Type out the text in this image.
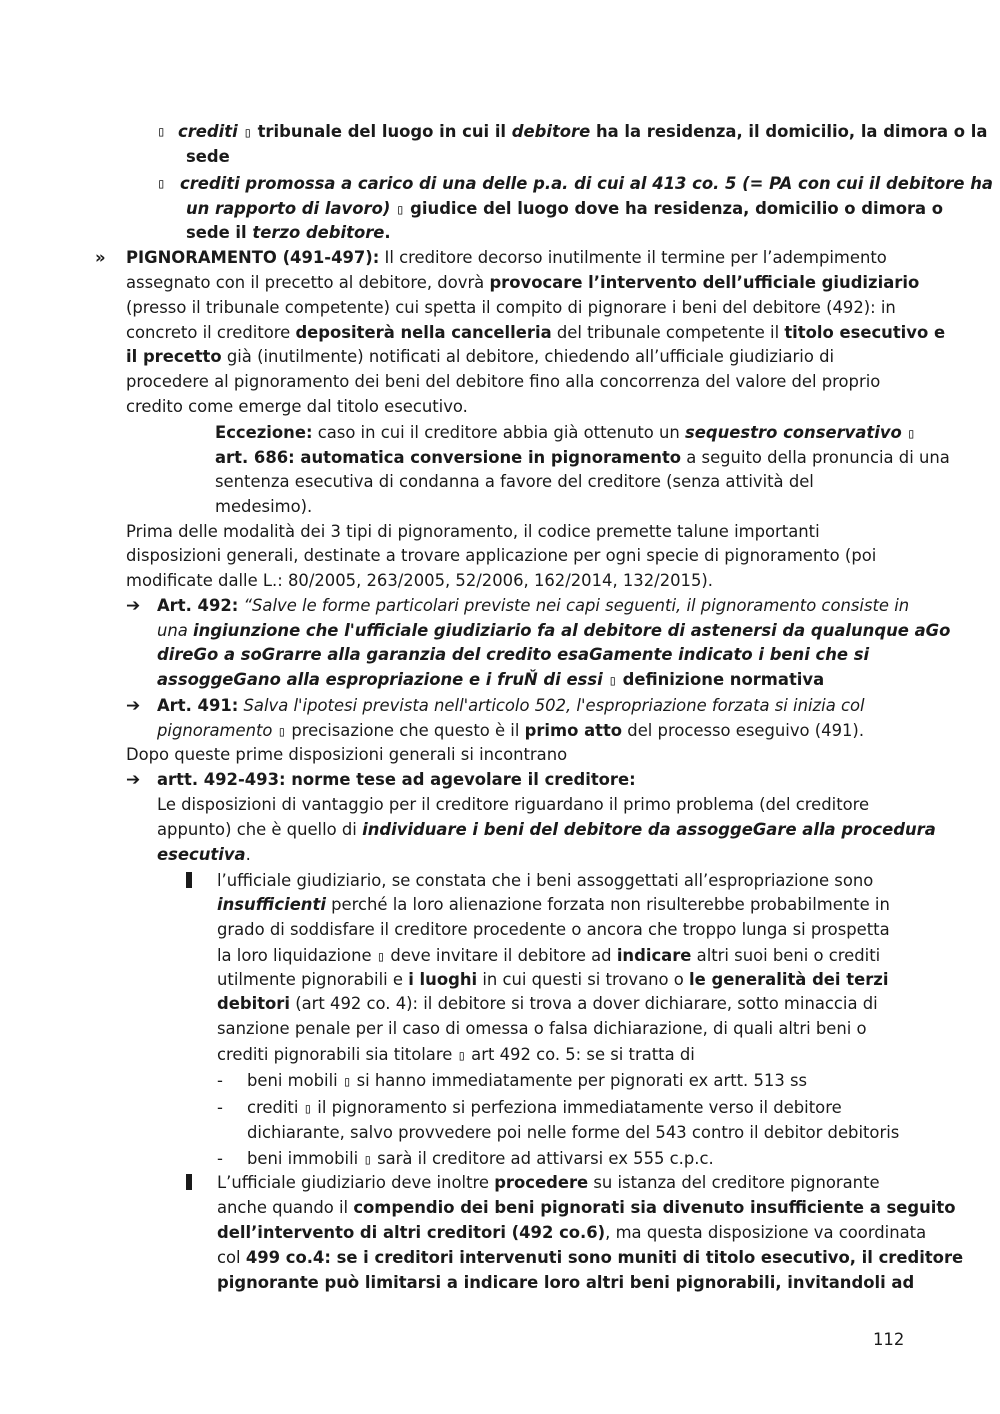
▯ crediti ▯ tribunale del luogo in cui il debitore ha la residenza, il domicilio, la dimora o la
sede
▯ crediti promossa a carico di una delle p.a. di cui al 413 co. 5 (= PA con cui il debitore ha
un rapporto di lavoro) ▯ giudice del luogo dove ha residenza, domicilio o dimora o
sede il terzo debitore.
» PIGNORAMENTO (491-497): Il creditore decorso inutilmente il termine per l’adempimento
assegnato con il precetto al debitore, dovrà provocare l’intervento dell’ufficiale giudiziario
(presso il tribunale competente) cui spetta il compito di pignorare i beni del debitore (492): in
concreto il creditore depositerà nella cancelleria del tribunale competente il titolo esecutivo e
il precetto già (inutilmente) notificati al debitore, chiedendo all’ufficiale giudiziario di
procedere al pignoramento dei beni del debitore fino alla concorrenza del valore del proprio
credito come emerge dal titolo esecutivo.
Eccezione: caso in cui il creditore abbia già ottenuto un sequestro conservativo ▯
art. 686: automatica conversione in pignoramento a seguito della pronuncia di una
sentenza esecutiva di condanna a favore del creditore (senza attività del
medesimo).
Prima delle modalità dei 3 tipi di pignoramento, il codice premette talune importanti
disposizioni generali, destinate a trovare applicazione per ogni specie di pignoramento (poi
modificate dalle L.: 80/2005, 263/2005, 52/2006, 162/2014, 132/2015).
➔ Art. 492: “Salve le forme particolari previste nei capi seguenti, il pignoramento consiste in
una ingiunzione che l'ufficiale giudiziario fa al debitore di astenersi da qualunque aGo
direGo a soGrarre alla garanzia del credito esaGamente indicato i beni che si
assoggeGano alla espropriazione e i fruŇ di essi ▯ definizione normativa
➔ Art. 491: Salva l'ipotesi prevista nell'articolo 502, l'espropriazione forzata si inizia col
pignoramento ▯ precisazione che questo è il primo atto del processo eseguivo (491).
Dopo queste prime disposizioni generali si incontrano
➔ artt. 492-493: norme tese ad agevolare il creditore:
Le disposizioni di vantaggio per il creditore riguardano il primo problema (del creditore
appunto) che è quello di individuare i beni del debitore da assoggeGare alla procedura
esecutiva.
l’ufficiale giudiziario, se constata che i beni assoggettati all’espropriazione sono
insufficienti perché la loro alienazione forzata non risulterebbe probabilmente in
grado di soddisfare il creditore procedente o ancora che troppo lunga si prospetta
la loro liquidazione ▯ deve invitare il debitore ad indicare altri suoi beni o crediti
utilmente pignorabili e i luoghi in cui questi si trovano o le generalità dei terzi
debitori (art 492 co. 4): il debitore si trova a dover dichiarare, sotto minaccia di
sanzione penale per il caso di omessa o falsa dichiarazione, di quali altri beni o
crediti pignorabili sia titolare ▯ art 492 co. 5: se si tratta di
- beni mobili ▯ si hanno immediatamente per pignorati ex artt. 513 ss
- crediti ▯ il pignoramento si perfeziona immediatamente verso il debitore
dichiarante, salvo provvedere poi nelle forme del 543 contro il debitor debitoris
- beni immobili ▯ sarà il creditore ad attivarsi ex 555 c.p.c.
L’ufficiale giudiziario deve inoltre procedere su istanza del creditore pignorante
anche quando il compendio dei beni pignorati sia divenuto insufficiente a seguito
dell’intervento di altri creditori (492 co.6), ma questa disposizione va coordinata
col 499 co.4: se i creditori intervenuti sono muniti di titolo esecutivo, il creditore
pignorante può limitarsi a indicare loro altri beni pignorabili, invitandoli ad
112
